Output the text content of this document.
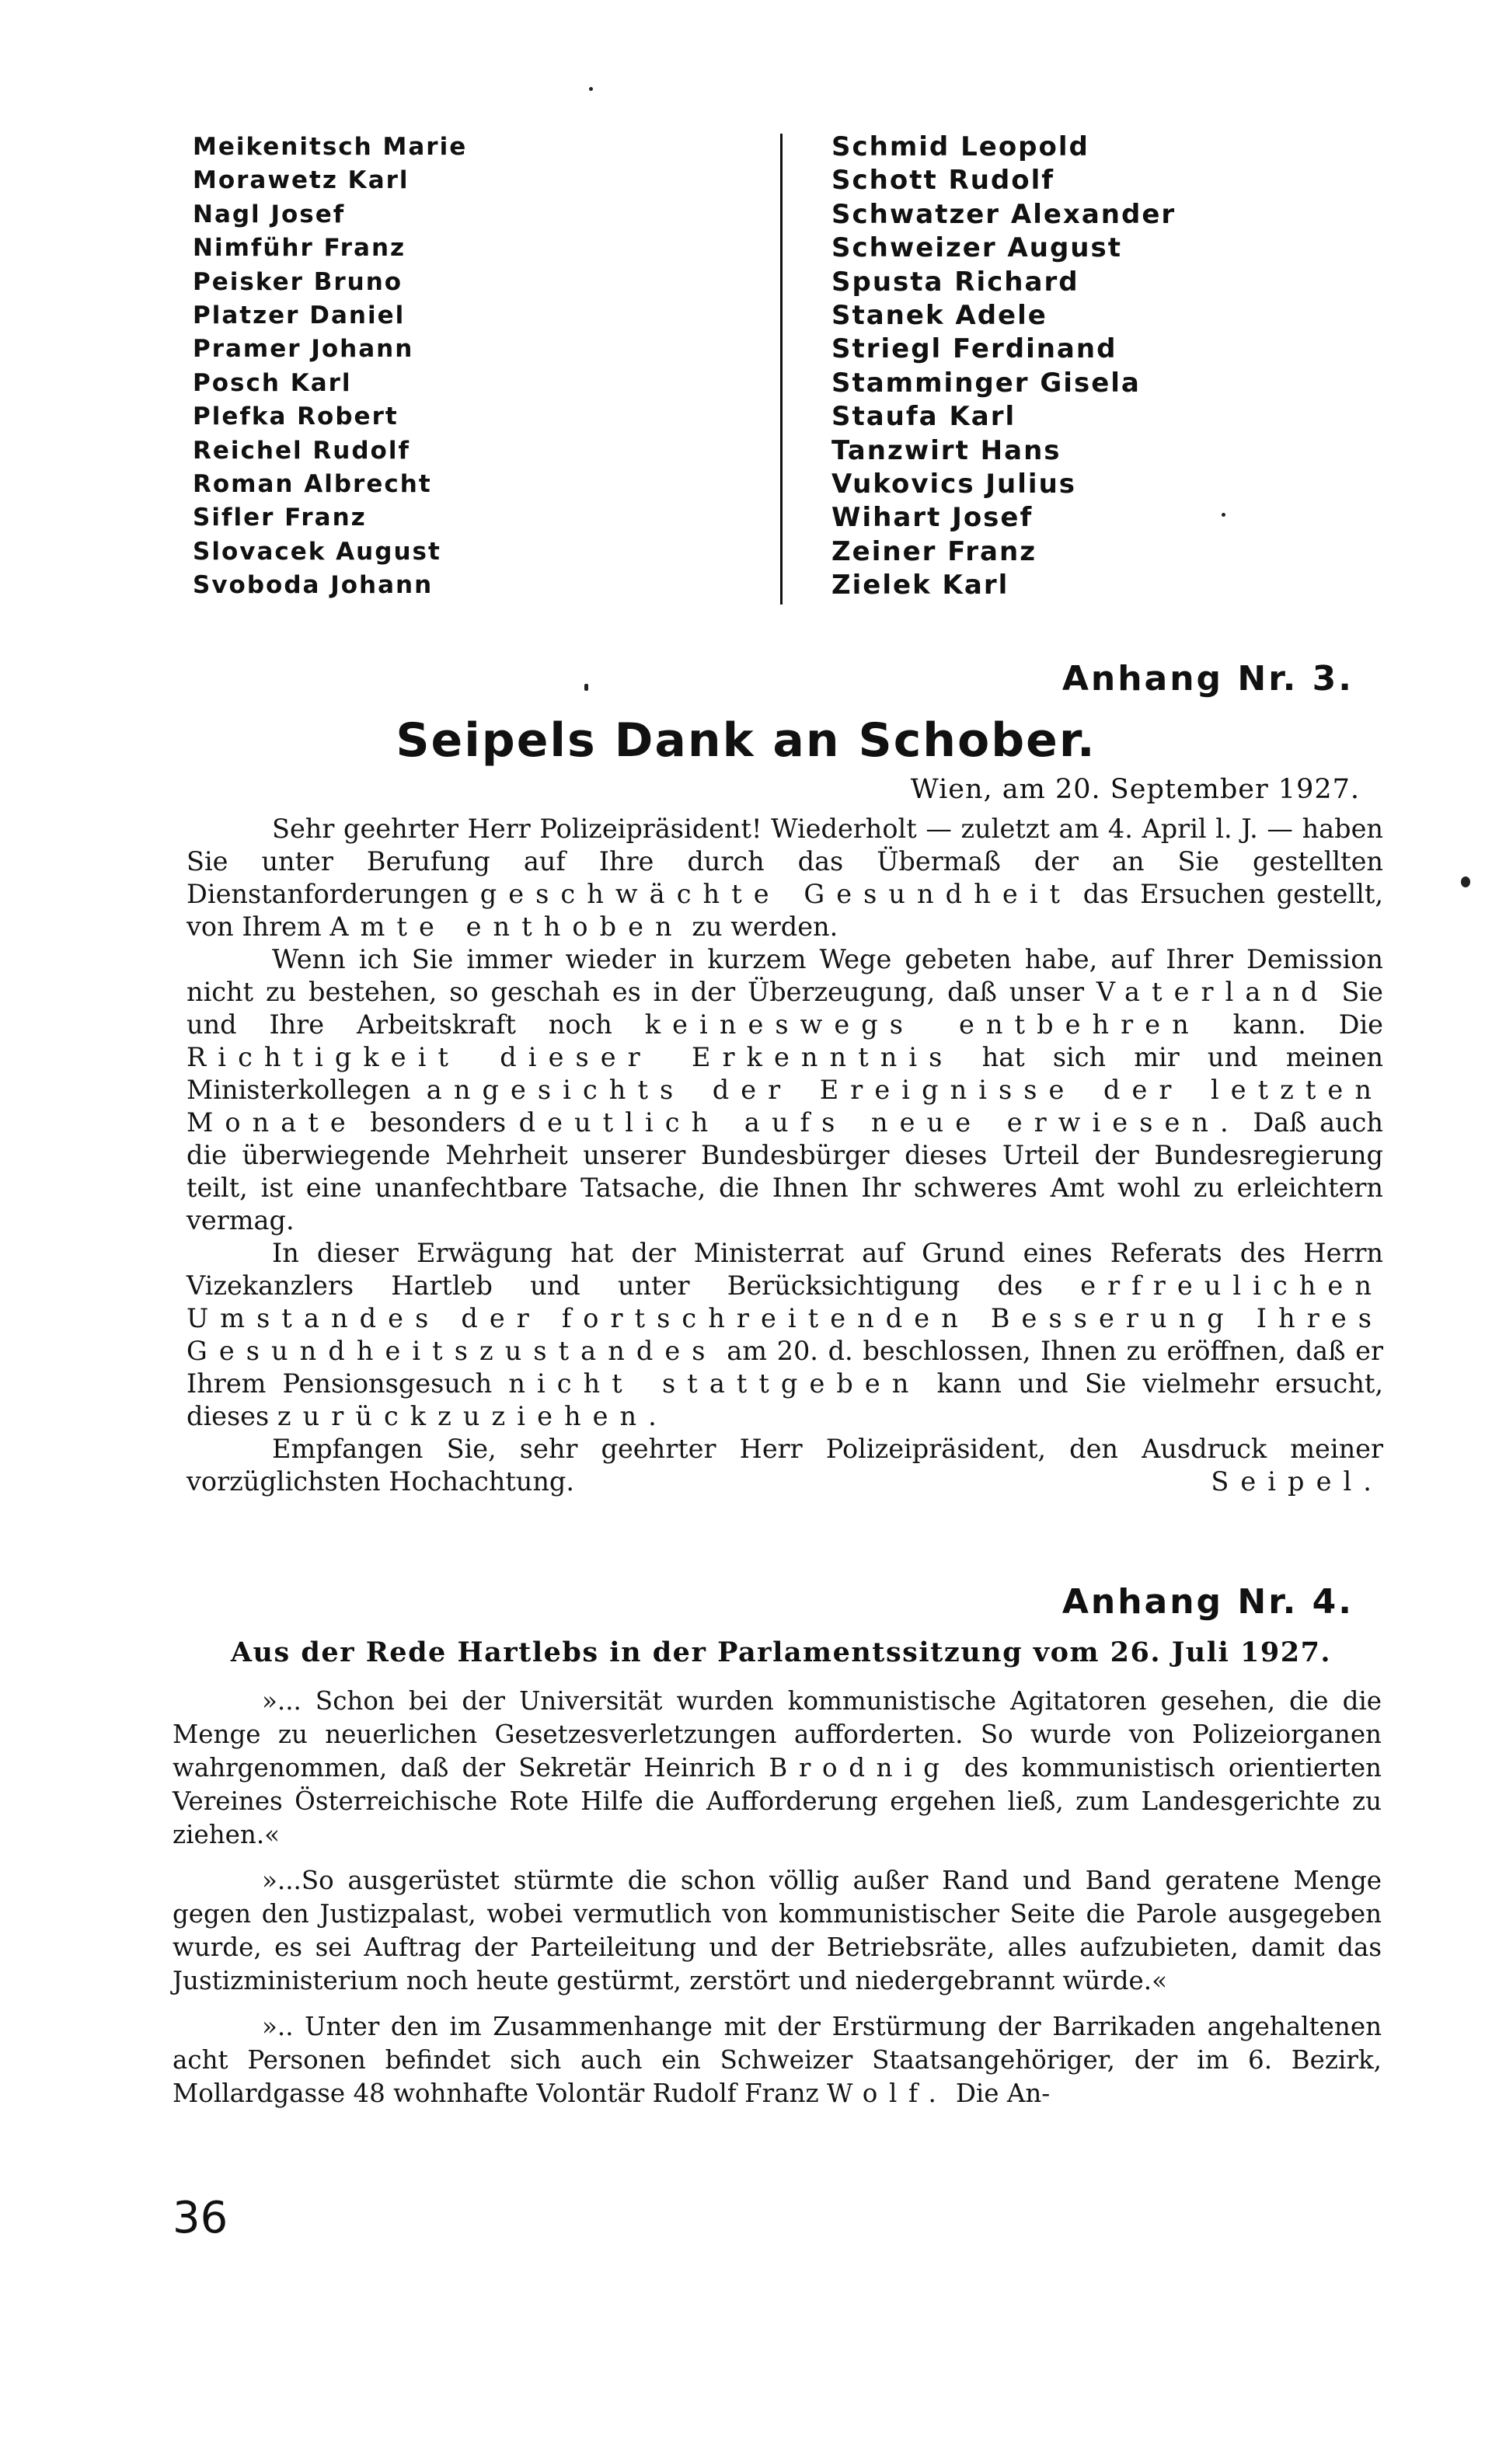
Meikenitsch Marie
Morawetz Karl
Nagl Josef
Nimführ Franz
Peisker Bruno
Platzer Daniel
Pramer Johann
Posch Karl
Plefka Robert
Reichel Rudolf
Roman Albrecht
Sifler Franz
Slovacek August
Svoboda Johann
Schmid Leopold
Schott Rudolf
Schwatzer Alexander
Schweizer August
Spusta Richard
Stanek Adele
Striegl Ferdinand
Stamminger Gisela
Staufa Karl
Tanzwirt Hans
Vukovics Julius
Wihart Josef
Zeiner Franz
Zielek Karl
Anhang Nr. 3.
Seipels Dank an Schober.
Wien, am 20. September 1927.

Sehr geehrter Herr Polizeipräsident! Wiederholt — zuletzt am 4. April l. J. — haben Sie unter Berufung auf Ihre durch das Übermaß der an Sie gestellten Dienstanforderungen geschwächte Gesundheit das Ersuchen gestellt, von Ihrem Amte enthoben zu werden.

Wenn ich Sie immer wieder in kurzem Wege gebeten habe, auf Ihrer Demission nicht zu bestehen, so geschah es in der Überzeugung, daß unser Vaterland Sie und Ihre Arbeitskraft noch keineswegs entbehren kann. Die Richtigkeit dieser Erkenntnis hat sich mir und meinen Ministerkollegen angesichts der Ereignisse der letzten Monate besonders deutlich aufs neue erwiesen. Daß auch die überwiegende Mehrheit unserer Bundesbürger dieses Urteil der Bundesregierung teilt, ist eine unanfechtbare Tatsache, die Ihnen Ihr schweres Amt wohl zu erleichtern vermag.

In dieser Erwägung hat der Ministerrat auf Grund eines Referats des Herrn Vizekanzlers Hartleb und unter Berücksichtigung des erfreulichen Umstandes der fortschreitenden Besserung Ihres Gesundheitszustandes am 20. d. beschlossen, Ihnen zu eröffnen, daß er Ihrem Pensionsgesuch nicht stattgeben kann und Sie vielmehr ersucht, dieses zurückzuziehen.

Empfangen Sie, sehr geehrter Herr Polizeipräsident, den Ausdruck meiner vorzüglichsten Hochachtung.	Seipel.

Anhang Nr. 4.
Aus der Rede Hartlebs in der Parlamentssitzung vom 26. Juli 1927.

»... Schon bei der Universität wurden kommunistische Agitatoren gesehen, die die Menge zu neuerlichen Gesetzesverletzungen aufforderten. So wurde von Polizeiorganen wahrgenommen, daß der Sekretär Heinrich Brodnig des kommunistisch orientierten Vereines Österreichische Rote Hilfe die Aufforderung ergehen ließ, zum Landesgerichte zu ziehen.«

»...So ausgerüstet stürmte die schon völlig außer Rand und Band geratene Menge gegen den Justizpalast, wobei vermutlich von kommunistischer Seite die Parole ausgegeben wurde, es sei Auftrag der Parteileitung und der Betriebsräte, alles aufzubieten, damit das Justizministerium noch heute gestürmt, zerstört und niedergebrannt würde.«

».. Unter den im Zusammenhange mit der Erstürmung der Barrikaden angehaltenen acht Personen befindet sich auch ein Schweizer Staatsangehöriger, der im 6. Bezirk, Mollardgasse 48 wohnhafte Volontär Rudolf Franz Wolf. Die An-

36
